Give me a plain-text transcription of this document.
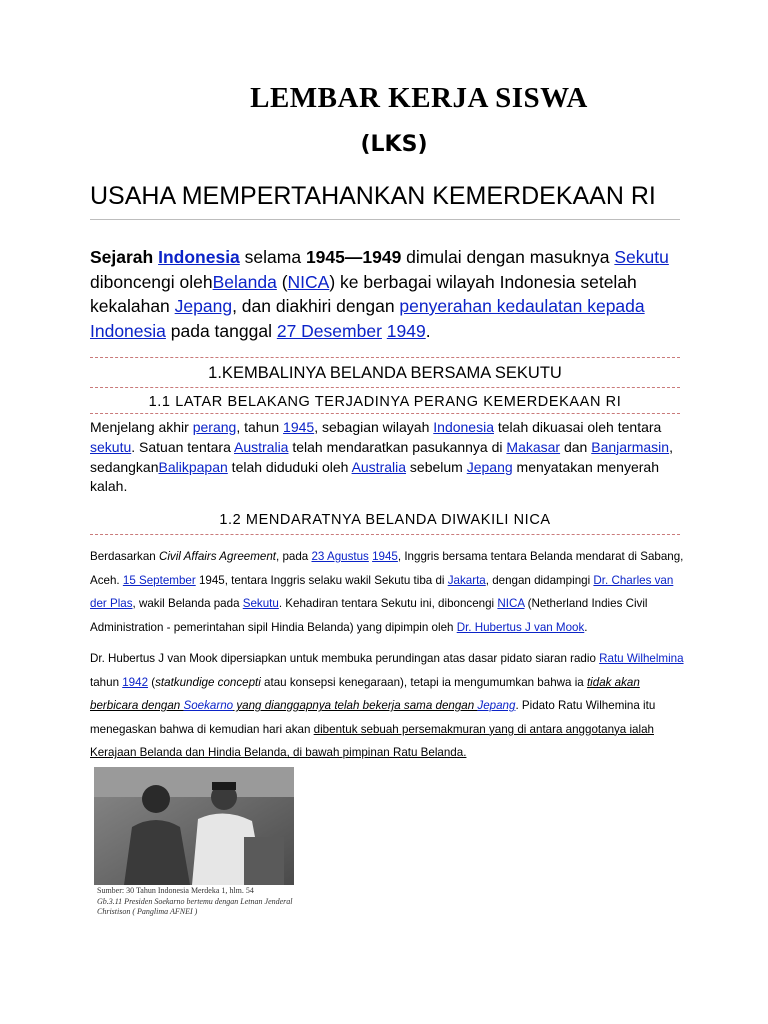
LEMBAR KERJA SISWA
(LKS)
USAHA MEMPERTAHANKAN KEMERDEKAAN RI
Sejarah Indonesia selama 1945—1949 dimulai dengan masuknya Sekutu diboncengi olehBelanda (NICA) ke berbagai wilayah Indonesia setelah kekalahan Jepang, dan diakhiri dengan penyerahan kedaulatan kepada Indonesia pada tanggal 27 Desember 1949.
1.KEMBALINYA BELANDA BERSAMA SEKUTU
1.1 LATAR BELAKANG TERJADINYA PERANG KEMERDEKAAN RI
Menjelang akhir perang, tahun 1945, sebagian wilayah Indonesia telah dikuasai oleh tentara sekutu. Satuan tentara Australia telah mendaratkan pasukannya di Makasar dan Banjarmasin, sedangkanBalikpapan telah diduduki oleh Australia sebelum Jepang menyatakan menyerah kalah.
1.2 MENDARATNYA BELANDA DIWAKILI NICA
Berdasarkan Civil Affairs Agreement, pada 23 Agustus 1945, Inggris bersama tentara Belanda mendarat di Sabang, Aceh. 15 September 1945, tentara Inggris selaku wakil Sekutu tiba di Jakarta, dengan didampingi Dr. Charles van der Plas, wakil Belanda pada Sekutu. Kehadiran tentara Sekutu ini, diboncengi NICA (Netherland Indies Civil Administration - pemerintahan sipil Hindia Belanda) yang dipimpin oleh Dr. Hubertus J van Mook.
Dr. Hubertus J van Mook dipersiapkan untuk membuka perundingan atas dasar pidato siaran radio Ratu Wilhelmina tahun 1942 (statkundige concepti atau konsepsi kenegaraan), tetapi ia mengumumkan bahwa ia tidak akan berbicara dengan Soekarno yang dianggapnya telah bekerja sama dengan Jepang. Pidato Ratu Wilhemina itu menegaskan bahwa di kemudian hari akan dibentuk sebuah persemakmuran yang di antara anggotanya ialah Kerajaan Belanda dan Hindia Belanda, di bawah pimpinan Ratu Belanda.
Sumber: 30 Tahun Indonesia Merdeka 1, hlm. 54
Gb.3.11 Presiden Soekarno bertemu dengan Letnan Jenderal Christison ( Panglima AFNEI )
